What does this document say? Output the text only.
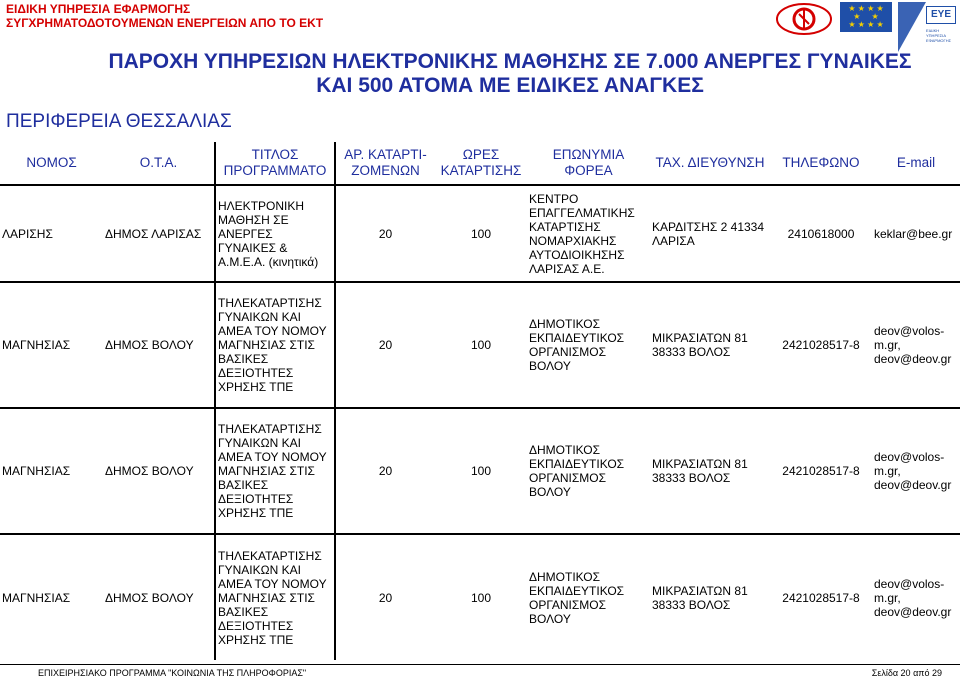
ΕΙΔΙΚΗ ΥΠΗΡΕΣΙΑ ΕΦΑΡΜΟΓΗΣ
ΣΥΓΧΡΗΜΑΤΟΔΟΤΟΥΜΕΝΩΝ ΕΝΕΡΓΕΙΩΝ ΑΠΟ ΤΟ ΕΚΤ
★ ★ ★ ★
★     ★
★ ★ ★ ★
ΕΥΕ
ΕΙΔΙΚΗ ΥΠΗΡΕΣΙΑ ΕΦΑΡΜΟΓΗΣ
ΠΑΡΟΧΗ ΥΠΗΡΕΣΙΩΝ ΗΛΕΚΤΡΟΝΙΚΗΣ ΜΑΘΗΣΗΣ ΣΕ 7.000 ΑΝΕΡΓΕΣ ΓΥΝΑΙΚΕΣ
ΚΑΙ 500 ΑΤΟΜΑ ΜΕ ΕΙΔΙΚΕΣ ΑΝΑΓΚΕΣ
ΠΕΡΙΦΕΡΕΙΑ ΘΕΣΣΑΛΙΑΣ
ΝΟΜΟΣ	Ο.Τ.Α.	ΤΙΤΛΟΣ ΠΡΟΓΡΑΜΜΑΤΟ	ΑΡ. ΚΑΤΑΡΤΙ- ΖΟΜΕΝΩΝ	ΩΡΕΣ ΚΑΤΑΡΤΙΣΗΣ	ΕΠΩΝΥΜΙΑ ΦΟΡΕΑ	ΤΑΧ. ΔΙΕΥΘΥΝΣΗ	ΤΗΛΕΦΩΝΟ	E-mail
ΛΑΡΙΣΗΣ	ΔΗΜΟΣ ΛΑΡΙΣΑΣ	ΗΛΕΚΤΡΟΝΙΚΗ ΜΑΘΗΣΗ ΣΕ ΑΝΕΡΓΕΣ ΓΥΝΑΙΚΕΣ & Α.Μ.Ε.Α. (κινητικά)	20	100	ΚΕΝΤΡΟ ΕΠΑΓΓΕΛΜΑΤΙΚΗΣ ΚΑΤΑΡΤΙΣΗΣ ΝΟΜΑΡΧΙΑΚΗΣ ΑΥΤΟΔΙΟΙΚΗΣΗΣ ΛΑΡΙΣΑΣ Α.Ε.	ΚΑΡΔΙΤΣΗΣ 2 41334 ΛΑΡΙΣΑ	2410618000	keklar@bee.gr
ΜΑΓΝΗΣΙΑΣ	ΔΗΜΟΣ ΒΟΛΟΥ	ΤΗΛΕΚΑΤΑΡΤΙΣΗΣ ΓΥΝΑΙΚΩΝ ΚΑΙ ΑΜΕΑ ΤΟΥ ΝΟΜΟΥ ΜΑΓΝΗΣΙΑΣ ΣΤΙΣ ΒΑΣΙΚΕΣ ΔΕΞΙΟΤΗΤΕΣ ΧΡΗΣΗΣ ΤΠΕ	20	100	ΔΗΜΟΤΙΚΟΣ ΕΚΠΑΙΔΕΥΤΙΚΟΣ ΟΡΓΑΝΙΣΜΟΣ ΒΟΛΟΥ	ΜΙΚΡΑΣΙΑΤΩΝ 81 38333 ΒΟΛΟΣ	2421028517-8	deov@volos-m.gr, deov@deov.gr
ΜΑΓΝΗΣΙΑΣ	ΔΗΜΟΣ ΒΟΛΟΥ	ΤΗΛΕΚΑΤΑΡΤΙΣΗΣ ΓΥΝΑΙΚΩΝ ΚΑΙ ΑΜΕΑ ΤΟΥ ΝΟΜΟΥ ΜΑΓΝΗΣΙΑΣ ΣΤΙΣ ΒΑΣΙΚΕΣ ΔΕΞΙΟΤΗΤΕΣ ΧΡΗΣΗΣ ΤΠΕ	20	100	ΔΗΜΟΤΙΚΟΣ ΕΚΠΑΙΔΕΥΤΙΚΟΣ ΟΡΓΑΝΙΣΜΟΣ ΒΟΛΟΥ	ΜΙΚΡΑΣΙΑΤΩΝ 81 38333 ΒΟΛΟΣ	2421028517-8	deov@volos-m.gr, deov@deov.gr
ΜΑΓΝΗΣΙΑΣ	ΔΗΜΟΣ ΒΟΛΟΥ	ΤΗΛΕΚΑΤΑΡΤΙΣΗΣ ΓΥΝΑΙΚΩΝ ΚΑΙ ΑΜΕΑ ΤΟΥ ΝΟΜΟΥ ΜΑΓΝΗΣΙΑΣ ΣΤΙΣ ΒΑΣΙΚΕΣ ΔΕΞΙΟΤΗΤΕΣ ΧΡΗΣΗΣ ΤΠΕ	20	100	ΔΗΜΟΤΙΚΟΣ ΕΚΠΑΙΔΕΥΤΙΚΟΣ ΟΡΓΑΝΙΣΜΟΣ ΒΟΛΟΥ	ΜΙΚΡΑΣΙΑΤΩΝ 81 38333 ΒΟΛΟΣ	2421028517-8	deov@volos-m.gr, deov@deov.gr
ΕΠΙΧΕΙΡΗΣΙΑΚΟ ΠΡΟΓΡΑΜΜΑ "ΚΟΙΝΩΝΙΑ ΤΗΣ ΠΛΗΡΟΦΟΡΙΑΣ"	Σελίδα 20 από 29
